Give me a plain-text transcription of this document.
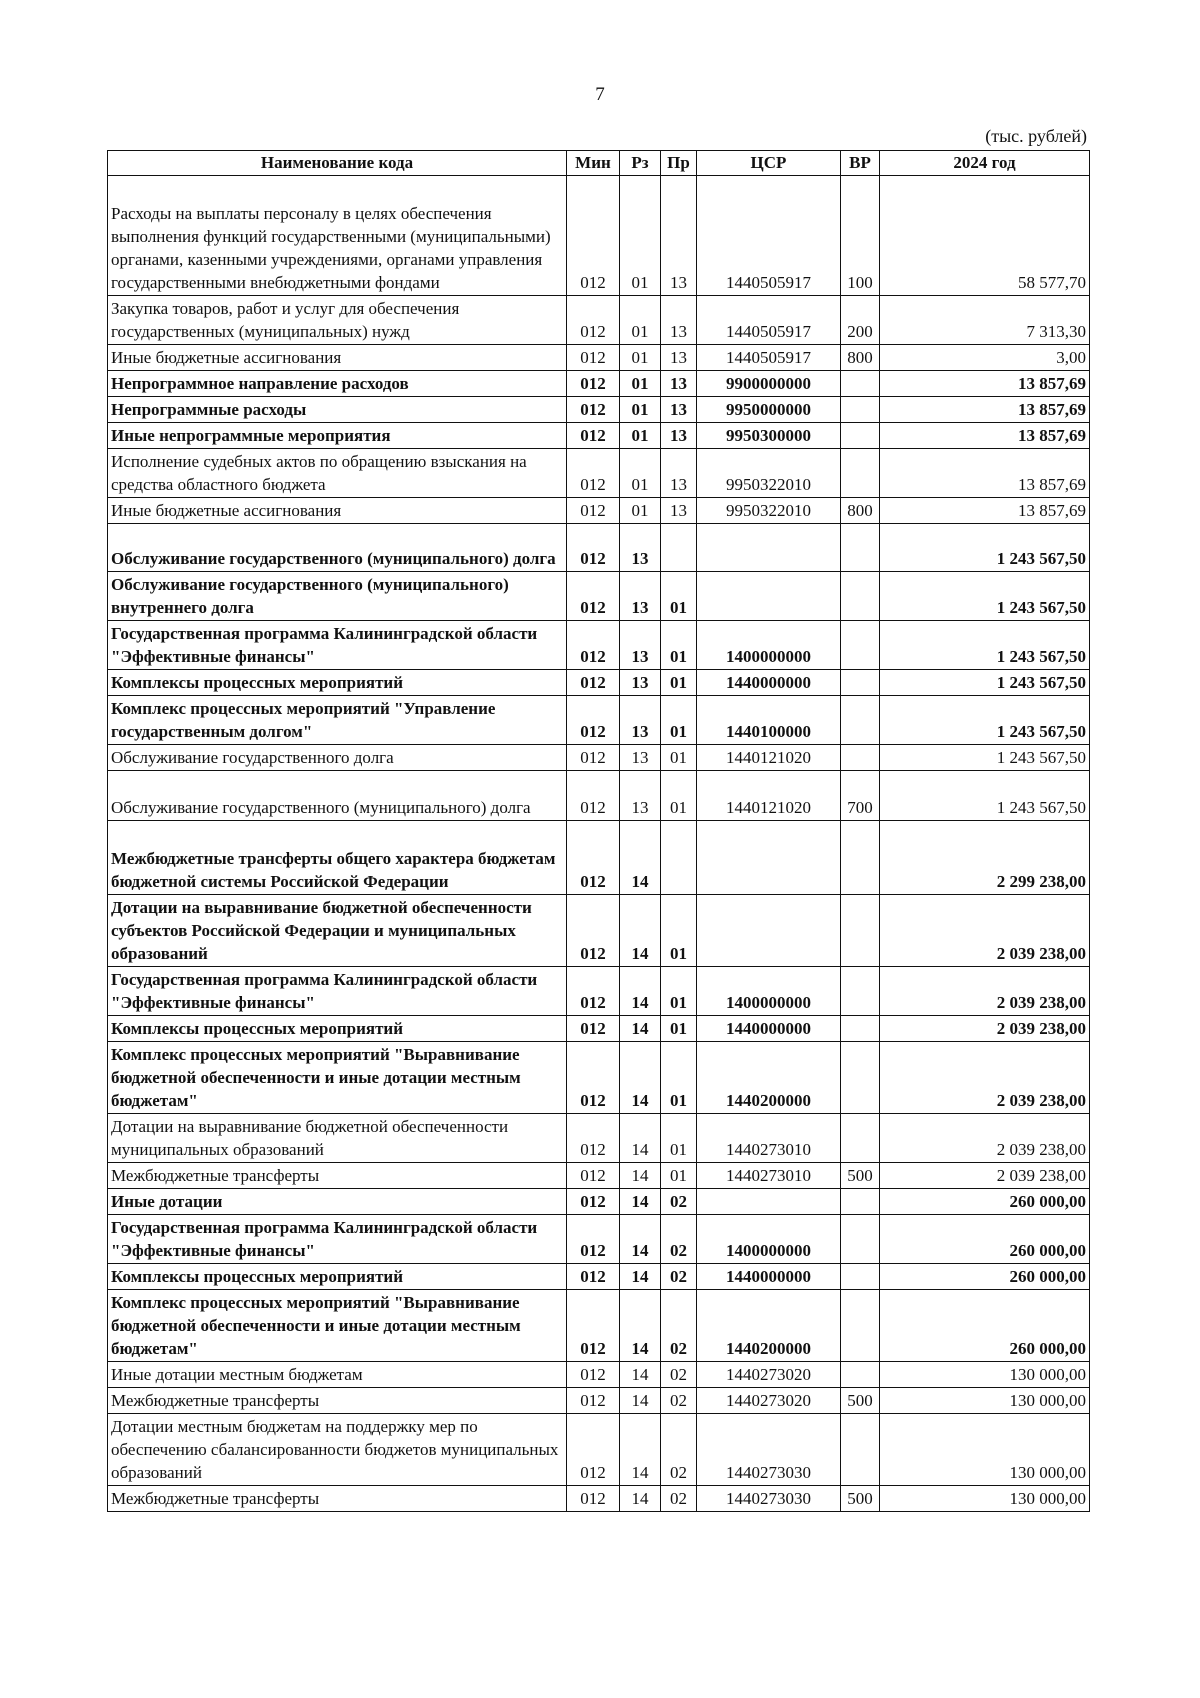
7
(тыс. рублей)
Наименование кода	Мин	Рз	Пр	ЦСР	ВР	2024 год
Расходы на выплаты персоналу в целях обеспечения выполнения функций государственными (муниципальными) органами, казенными учреждениями, органами управления государственными внебюджетными фондами	012	01	13	1440505917	100	58 577,70
Закупка товаров, работ и услуг для обеспечения государственных (муниципальных) нужд	012	01	13	1440505917	200	7 313,30
Иные бюджетные ассигнования	012	01	13	1440505917	800	3,00
Непрограммное направление расходов	012	01	13	9900000000		13 857,69
Непрограммные расходы	012	01	13	9950000000		13 857,69
Иные непрограммные мероприятия	012	01	13	9950300000		13 857,69
Исполнение судебных актов по обращению взыскания на средства областного бюджета	012	01	13	9950322010		13 857,69
Иные бюджетные ассигнования	012	01	13	9950322010	800	13 857,69
Обслуживание государственного (муниципального) долга	012	13				1 243 567,50
Обслуживание государственного (муниципального) внутреннего долга	012	13	01			1 243 567,50
Государственная программа Калининградской области "Эффективные финансы"	012	13	01	1400000000		1 243 567,50
Комплексы процессных мероприятий	012	13	01	1440000000		1 243 567,50
Комплекс процессных мероприятий "Управление государственным долгом"	012	13	01	1440100000		1 243 567,50
Обслуживание государственного долга	012	13	01	1440121020		1 243 567,50
Обслуживание государственного (муниципального) долга	012	13	01	1440121020	700	1 243 567,50
Межбюджетные трансферты общего характера бюджетам бюджетной системы Российской Федерации	012	14				2 299 238,00
Дотации на выравнивание бюджетной обеспеченности субъектов Российской Федерации и муниципальных образований	012	14	01			2 039 238,00
Государственная программа Калининградской области "Эффективные финансы"	012	14	01	1400000000		2 039 238,00
Комплексы процессных мероприятий	012	14	01	1440000000		2 039 238,00
Комплекс процессных мероприятий "Выравнивание бюджетной обеспеченности и иные дотации местным бюджетам"	012	14	01	1440200000		2 039 238,00
Дотации на выравнивание бюджетной обеспеченности муниципальных образований	012	14	01	1440273010		2 039 238,00
Межбюджетные трансферты	012	14	01	1440273010	500	2 039 238,00
Иные дотации	012	14	02			260 000,00
Государственная программа Калининградской области "Эффективные финансы"	012	14	02	1400000000		260 000,00
Комплексы процессных мероприятий	012	14	02	1440000000		260 000,00
Комплекс процессных мероприятий "Выравнивание бюджетной обеспеченности и иные дотации местным бюджетам"	012	14	02	1440200000		260 000,00
Иные дотации местным бюджетам	012	14	02	1440273020		130 000,00
Межбюджетные трансферты	012	14	02	1440273020	500	130 000,00
Дотации местным бюджетам на поддержку мер по обеспечению сбалансированности бюджетов муниципальных образований	012	14	02	1440273030		130 000,00
Межбюджетные трансферты	012	14	02	1440273030	500	130 000,00
